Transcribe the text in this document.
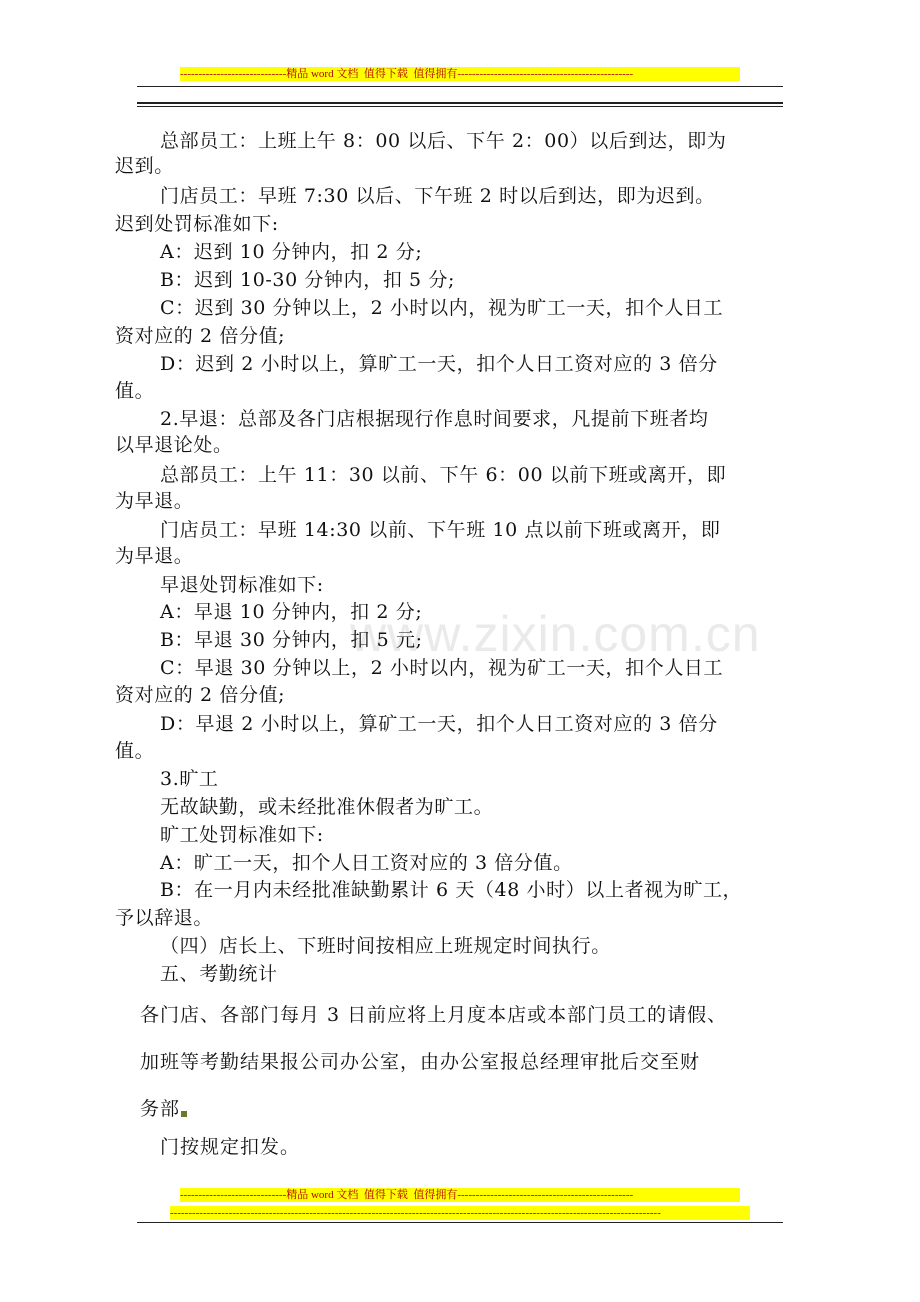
-----------------------------精品 word 文档  值得下载  值得拥有------------------------------------------------
www.zixin.com.cn
总部员工：上班上午 8：00 以后、下午 2：00）以后到达，即为
迟到。
门店员工：早班 7:30 以后、下午班 2 时以后到达，即为迟到。
迟到处罚标准如下:
A：迟到 10 分钟内，扣 2 分;
B：迟到 10-30 分钟内，扣 5 分;
C：迟到 30 分钟以上，2 小时以内，视为旷工一天，扣个人日工
资对应的 2 倍分值;
D：迟到 2 小时以上，算旷工一天，扣个人日工资对应的 3 倍分
值。
2.早退：总部及各门店根据现行作息时间要求，凡提前下班者均
以早退论处。
总部员工：上午 11：30 以前、下午 6：00 以前下班或离开，即
为早退。
门店员工：早班 14:30 以前、下午班 10 点以前下班或离开，即
为早退。
早退处罚标准如下:
A：早退 10 分钟内，扣 2 分;
B：早退 30 分钟内，扣 5 元;
C：早退 30 分钟以上，2 小时以内，视为矿工一天，扣个人日工
资对应的 2 倍分值;
D：早退 2 小时以上，算矿工一天，扣个人日工资对应的 3 倍分
值。
3.旷工
无故缺勤，或未经批准休假者为旷工。
旷工处罚标准如下:
A：旷工一天，扣个人日工资对应的 3 倍分值。
B：在一月内未经批准缺勤累计 6 天（48 小时）以上者视为旷工，
予以辞退。
（四）店长上、下班时间按相应上班规定时间执行。
五、考勤统计
各门店、各部门每月 3 日前应将上月度本店或本部门员工的请假、
加班等考勤结果报公司办公室，由办公室报总经理审批后交至财
务部
门按规定扣发。
-----------------------------精品 word 文档  值得下载  值得拥有------------------------------------------------
--------------------------------------------------------------------------------------------------------------------------------------
